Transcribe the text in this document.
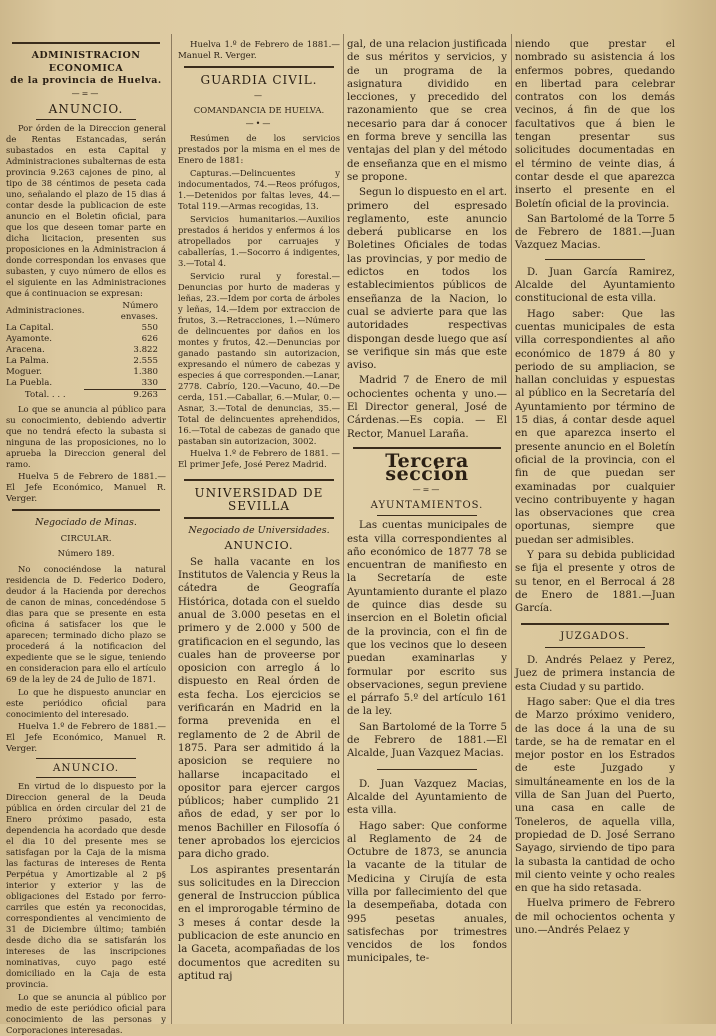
ADMINISTRACION ECONOMICA
de la provincia de Huelva.
—=—
ANUNCIO.

Por órden de la Direccion general de Rentas Estancadas, serán subastados en esta Capital y Administraciones subalternas de esta provincia 9.263 cajones de pino, al tipo de 38 céntimos de peseta cada uno, señalando el plazo de 15 dias á contar desde la publicacion de este anuncio en el Boletin oficial, para que los que deseen tomar parte en dicha licitacion, presenten sus proposiciones en la Administracion á donde correspondan los envases que subasten, y cuyo número de ellos es el siguiente en las Administraciones que á continuacion se expresan:

Administraciones.	Número envases.
La Capital.	550
Ayamonte.	626
Aracena.	3.822
La Palma.	2.555
Moguer.	1.380
La Puebla.	330
Total. . . .	9.263

Lo que se anuncia al público para su conocimiento, debiendo advertir que no tendrá efecto la subasta si ninguna de las proposiciones, no lo aprueba la Direccion general del ramo.

Huelva 5 de Febrero de 1881.— El Jefe Económico, Manuel R. Verger.

Negociado de Minas.
CIRCULAR.
Número 189.

No conociéndose la natural residencia de D. Federico Dodero, deudor á la Hacienda por derechos de canon de minas, concedéndose 5 dias para que se presente en esta oficina á satisfacer los que le aparecen; terminado dicho plazo se procederá á la notificacion del expediente que se le sigue, teniendo en consideracion para ello el artículo 69 de la ley de 24 de Julio de 1871.

Lo que he dispuesto anunciar en este periódico oficial para conocimiento del interesado.

Huelva 1.º de Febrero de 1881.— El Jefe Económico, Manuel R. Verger.

ANUNCIO.

En virtud de lo dispuesto por la Direccion general de la Deuda pública en órden circular del 21 de Enero próximo pasado, esta dependencia ha acordado que desde el dia 10 del presente mes se satisfagan por la Caja de la misma las facturas de intereses de Renta Perpétua y Amortizable al 2 p§ interior y exterior y las de obligaciones del Estado por ferro-carriles que estén ya reconocidas, correspondientes al vencimiento de 31 de Diciembre último; también desde dicho dia se satisfarán los intereses de las inscripciones nominativas, cuyo pago esté domiciliado en la Caja de esta provincia.

Lo que se anuncia al público por medio de este periódico oficial para conocimiento de las personas y Corporaciones interesadas.

Huelva 1.º de Febrero de 1881.— Manuel R. Verger.

GUARDIA CIVIL.
—
COMANDANCIA DE HUELVA.
—•—

Resúmen de los servicios prestados por la misma en el mes de Enero de 1881:

Capturas.—Delincuentes y indocumentados, 74.—Reos prófugos, 1.—Detenidos por faltas leves, 44.—Total 119.—Armas recogidas, 13.

Servicios humanitarios.—Auxilios prestados á heridos y enfermos á los atropellados por carruajes y caballerías, 1.—Socorro á indigentes, 3.—Total 4.

Servicio rural y forestal.—Denuncias por hurto de maderas y leñas, 23.—Idem por corta de árboles y leñas, 14.—Idem por extraccion de frutos, 3.—Retracciones, 1.—Número de delincuentes por daños en los montes y frutos, 42.—Denuncias por ganado pastando sin autorizacion, expresando el número de cabezas y especies á que corresponden.—Lanar, 2778. Cabrío, 120.—Vacuno, 40.—De cerda, 151.—Caballar, 6.—Mular, 0.—Asnar, 3.—Total de denuncias, 35.—Total de delincuentes aprehendidos, 16.—Total de cabezas de ganado que pastaban sin autorizacion, 3002.

Huelva 1.º de Febrero de 1881. —El primer Jefe, José Perez Madrid.

UNIVERSIDAD DE SEVILLA
Negociado de Universidades.
ANUNCIO.

Se halla vacante en los Institutos de Valencia y Reus la cátedra de Geografía Histórica, dotada con el sueldo anual de 3.000 pesetas en el primero y de 2.000 y 500 de gratificacion en el segundo, las cuales han de proveerse por oposicion con arreglo á lo dispuesto en Real órden de esta fecha. Los ejercicios se verificarán en Madrid en la forma prevenida en el reglamento de 2 de Abril de 1875. Para ser admitido á la aposicion se requiere no hallarse incapacitado el opositor para ejercer cargos públicos; haber cumplido 21 años de edad, y ser por lo menos Bachiller en Filosofía ó tener aprobados los ejercicios para dicho grado.

Los aspirantes presentarán sus solicitudes en la Direccion general de Instruccion pública en el improrogable término de 3 meses á contar desde la publicacion de este anuncio en la Gaceta, acompañadas de los documentos que acrediten su aptitud raj

gal, de una relacion justificada de sus méritos y servicios, y de un programa de la asignatura dividido en lecciones, y precedido del razonamiento que se crea necesario para dar á conocer en forma breve y sencilla las ventajas del plan y del método de enseñanza que en el mismo se propone.

Segun lo dispuesto en el art. primero del espresado reglamento, este anuncio deberá publicarse en los Boletines Oficiales de todas las provincias, y por medio de edictos en todos los establecimientos públicos de enseñanza de la Nacion, lo cual se advierte para que las autoridades respectivas dispongan desde luego que así se verifique sin más que este aviso.

Madrid 7 de Enero de mil ochocientes ochenta y uno.— El Director general, José de Cárdenas.—Es copia. — El Rector, Manuel Laraña.

Tercera seccion
—=—
AYUNTAMIENTOS.

Las cuentas municipales de esta villa correspondientes al año económico de 1877 78 se encuentran de manifiesto en la Secretaría de este Ayuntamiento durante el plazo de quince dias desde su insercion en el Boletin oficial de la provincia, con el fin de que los vecinos que lo deseen puedan examinarlas y formular por escrito sus observaciones, segun previene el párrafo 5.º del artículo 161 de la ley.

San Bartolomé de la Torre 5 de Febrero de 1881.—El Alcalde, Juan Vazquez Macias.

D. Juan Vazquez Macias, Alcalde del Ayuntamiento de esta villa.

Hago saber: Que conforme al Reglamento de 24 de Octubre de 1873, se anuncia la vacante de la titular de Medicina y Cirujía de esta villa por fallecimiento del que la desempeñaba, dotada con 995 pesetas anuales, satisfechas por trimestres vencidos de los fondos municipales, te-

niendo que prestar el nombrado su asistencia á los enfermos pobres, quedando en libertad para celebrar contratos con los demás vecinos, á fin de que los facultativos que á bien le tengan presentar sus solicitudes documentadas en el término de veinte dias, á contar desde el que aparezca inserto el presente en el Boletín oficial de la provincia.

San Bartolomé de la Torre 5 de Febrero de 1881.—Juan Vazquez Macias.

D. Juan García Ramirez, Alcalde del Ayuntamiento constitucional de esta villa.

Hago saber: Que las cuentas municipales de esta villa correspondientes al año económico de 1879 á 80 y periodo de su ampliacion, se hallan concluidas y espuestas al público en la Secretaría del Ayuntamiento por término de 15 dias, á contar desde aquel en que aparezca inserto el presente anuncio en el Boletín oficial de la provincia, con el fin de que puedan ser examinadas por cualquier vecino contribuyente y hagan las observaciones que crea oportunas, siempre que puedan ser admisibles.

Y para su debida publicidad se fija el presente y otros de su tenor, en el Berrocal á 28 de Enero de 1881.—Juan García.

JUZGADOS.

D. Andrés Pelaez y Perez, Juez de primera instancia de esta Ciudad y su partido.

Hago saber: Que el dia tres de Marzo próximo venidero, de las doce á la una de su tarde, se ha de rematar en el mejor postor en los Estrados de este Juzgado y simultáneamente en los de la villa de San Juan del Puerto, una casa en calle de Toneleros, de aquella villa, propiedad de D. José Serrano Sayago, sirviendo de tipo para la subasta la cantidad de ocho mil ciento veinte y ocho reales en que ha sido retasada.

Huelva primero de Febrero de mil ochocientos ochenta y uno.—Andrés Pelaez y
